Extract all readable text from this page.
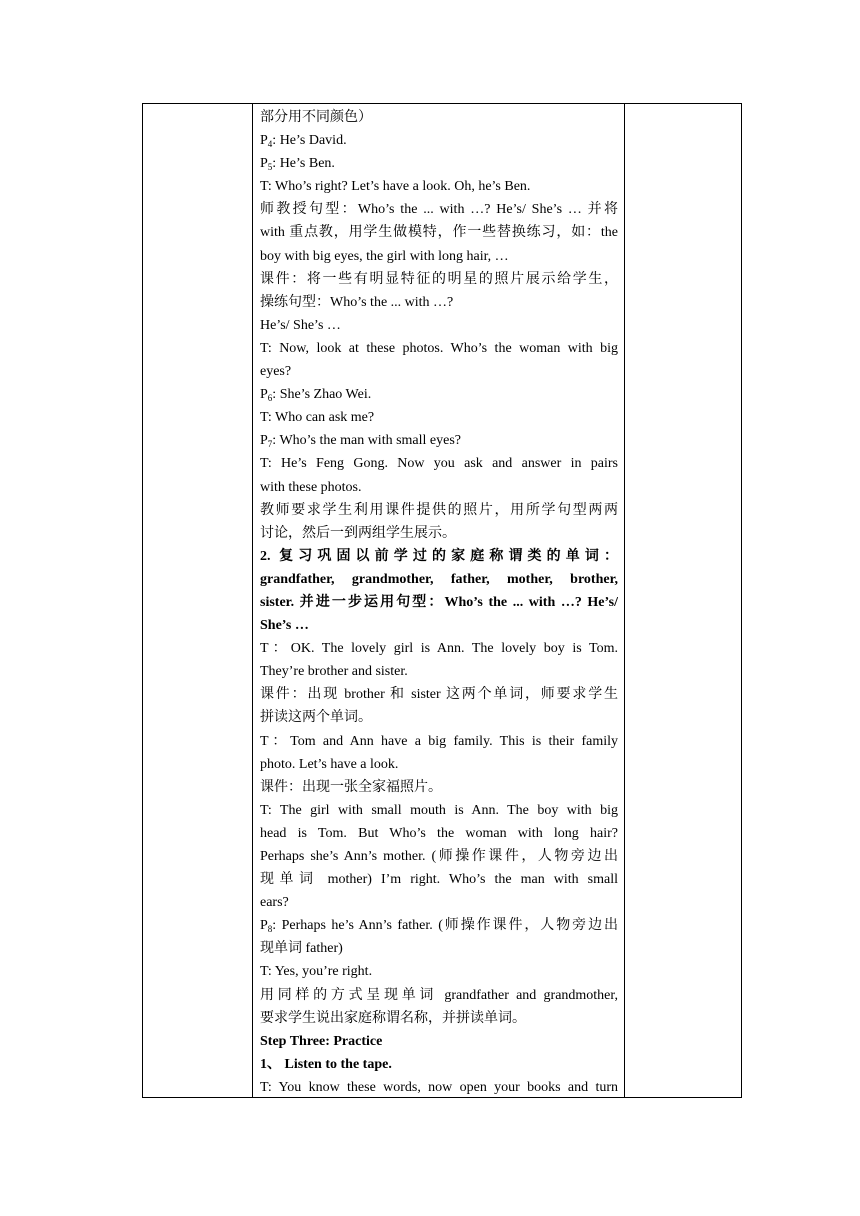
部分用不同颜色）
$P_4$: He’s David.
$P_5$: He’s Ben.
T: Who’s right? Let’s have a look. Oh, he’s Ben.
师教授句型：Who’s the ... with …? He’s/ She’s … 并将
with 重点教，用学生做模特，作一些替换练习，如：the
boy with big eyes, the girl with long hair, …
课件：将一些有明显特征的明星的照片展示给学生，
操练句型：Who’s the ... with …?
He’s/ She’s …
T: Now, look at these photos. Who’s the woman with big
eyes?
$P_6$: She’s Zhao Wei.
T: Who can ask me?
$P_7$: Who’s the man with small eyes?
T: He’s Feng Gong. Now you ask and answer in pairs
with these photos.
教师要求学生利用课件提供的照片，用所学句型两两
讨论，然后一到两组学生展示。
2. 复习巩固以前学过的家庭称谓类的单词：
grandfather, grandmother, father, mother, brother,
sister. 并进一步运用句型：Who’s the ... with …? He’s/
She’s …
T：OK. The lovely girl is Ann. The lovely boy is Tom.
They’re brother and sister.
课件：出现 brother 和 sister 这两个单词，师要求学生
拼读这两个单词。
T：Tom and Ann have a big family. This is their family
photo. Let’s have a look.
课件：出现一张全家福照片。
T: The girl with small mouth is Ann. The boy with big
head is Tom. But Who’s the woman with long hair?
Perhaps she’s Ann’s mother. (师操作课件，人物旁边出
现单词 mother) I’m right. Who’s the man with small
ears?
$P_8$: Perhaps he’s Ann’s father. (师操作课件，人物旁边出
现单词 father)
T: Yes, you’re right.
用同样的方式呈现单词 grandfather and grandmother,
要求学生说出家庭称谓名称，并拼读单词。
Step Three: Practice
1、 Listen to the tape.
T: You know these words, now open your books and turn
